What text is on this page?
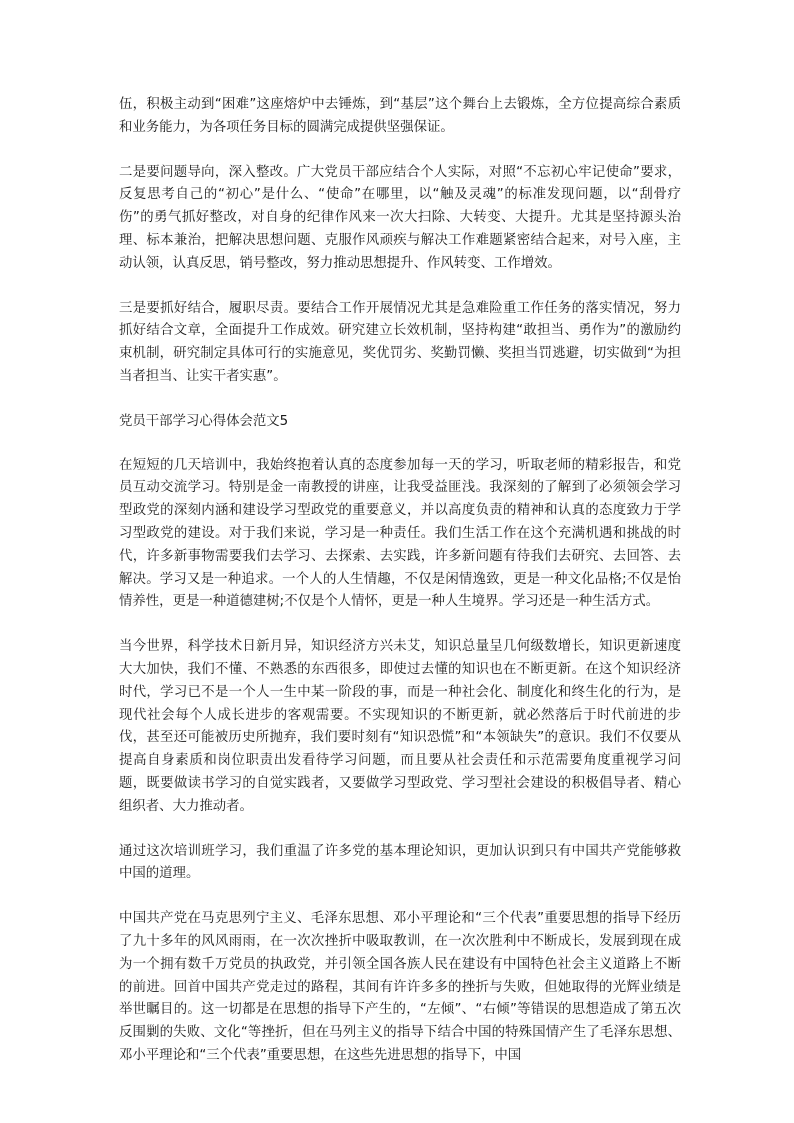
伍，积极主动到“困难”这座熔炉中去锤炼，到“基层”这个舞台上去锻炼，全方位提高综合素质和业务能力，为各项任务目标的圆满完成提供坚强保证。

二是要问题导向，深入整改。广大党员干部应结合个人实际，对照“不忘初心牢记使命”要求，反复思考自己的“初心”是什么、“使命”在哪里，以“触及灵魂”的标准发现问题，以“刮骨疗伤”的勇气抓好整改，对自身的纪律作风来一次大扫除、大转变、大提升。尤其是坚持源头治理、标本兼治，把解决思想问题、克服作风顽疾与解决工作难题紧密结合起来，对号入座，主动认领，认真反思，销号整改，努力推动思想提升、作风转变、工作增效。

三是要抓好结合，履职尽责。要结合工作开展情况尤其是急难险重工作任务的落实情况，努力抓好结合文章，全面提升工作成效。研究建立长效机制，坚持构建“敢担当、勇作为”的激励约束机制，研究制定具体可行的实施意见，奖优罚劣、奖勤罚懒、奖担当罚逃避，切实做到“为担当者担当、让实干者实惠”。

党员干部学习心得体会范文5

在短短的几天培训中，我始终抱着认真的态度参加每一天的学习，听取老师的精彩报告，和党员互动交流学习。特别是金一南教授的讲座，让我受益匪浅。我深刻的了解到了必须领会学习型政党的深刻内涵和建设学习型政党的重要意义，并以高度负责的精神和认真的态度致力于学习型政党的建设。对于我们来说，学习是一种责任。我们生活工作在这个充满机遇和挑战的时代，许多新事物需要我们去学习、去探索、去实践，许多新问题有待我们去研究、去回答、去解决。学习又是一种追求。一个人的人生情趣，不仅是闲情逸致，更是一种文化品格;不仅是怡情养性，更是一种道德建树;不仅是个人情怀，更是一种人生境界。学习还是一种生活方式。

当今世界，科学技术日新月异，知识经济方兴未艾，知识总量呈几何级数增长，知识更新速度大大加快，我们不懂、不熟悉的东西很多，即使过去懂的知识也在不断更新。在这个知识经济时代，学习已不是一个人一生中某一阶段的事，而是一种社会化、制度化和终生化的行为，是现代社会每个人成长进步的客观需要。不实现知识的不断更新，就必然落后于时代前进的步伐，甚至还可能被历史所抛弃，我们要时刻有“知识恐慌”和“本领缺失”的意识。我们不仅要从提高自身素质和岗位职责出发看待学习问题，而且要从社会责任和示范需要角度重视学习问题，既要做读书学习的自觉实践者，又要做学习型政党、学习型社会建设的积极倡导者、精心组织者、大力推动者。

通过这次培训班学习，我们重温了许多党的基本理论知识，更加认识到只有中国共产党能够救中国的道理。

中国共产党在马克思列宁主义、毛泽东思想、邓小平理论和“三个代表”重要思想的指导下经历了九十多年的风风雨雨，在一次次挫折中吸取教训，在一次次胜利中不断成长，发展到现在成为一个拥有数千万党员的执政党，并引领全国各族人民在建设有中国特色社会主义道路上不断的前进。回首中国共产党走过的路程，其间有许许多多的挫折与失败，但她取得的光辉业绩是举世瞩目的。这一切都是在思想的指导下产生的，“左倾”、“右倾”等错误的思想造成了第五次反围剿的失败、文化“等挫折，但在马列主义的指导下结合中国的特殊国情产生了毛泽东思想、邓小平理论和“三个代表”重要思想，在这些先进思想的指导下，中国
